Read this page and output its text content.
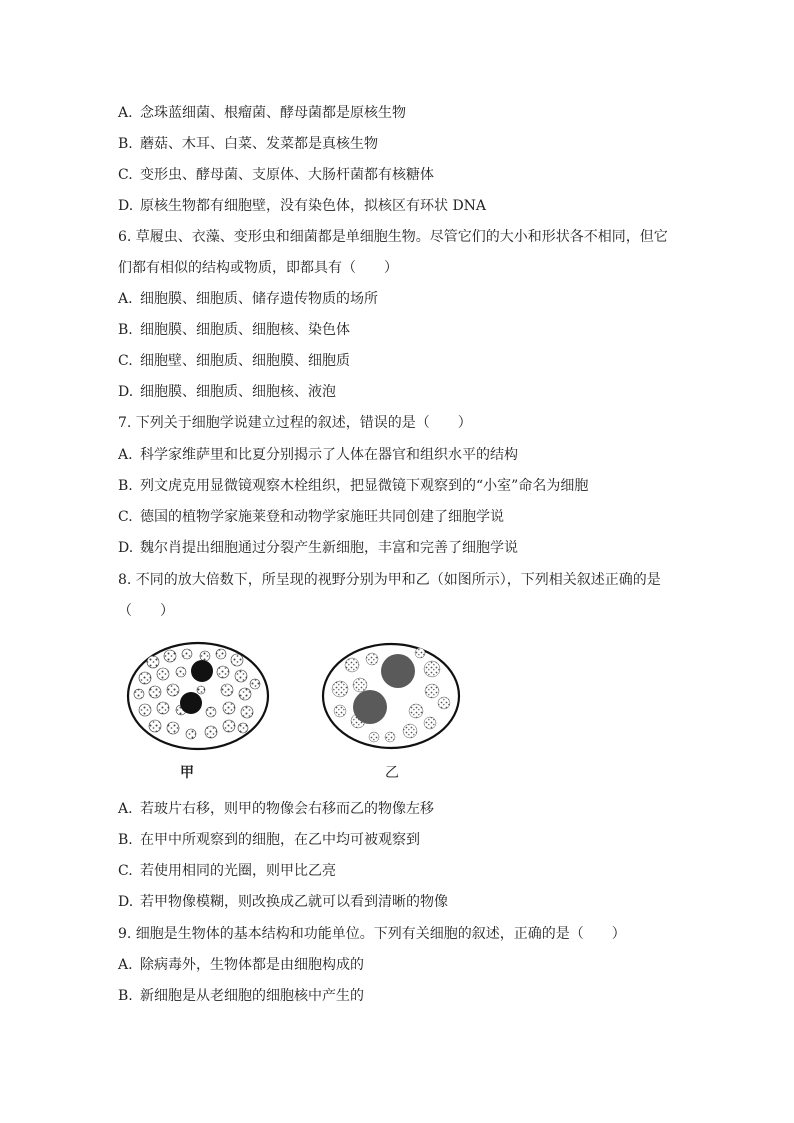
A. 念珠蓝细菌、根瘤菌、酵母菌都是原核生物
B. 蘑菇、木耳、白菜、发菜都是真核生物
C. 变形虫、酵母菌、支原体、大肠杆菌都有核糖体
D. 原核生物都有细胞壁，没有染色体，拟核区有环状 DNA
6. 草履虫、衣藻、变形虫和细菌都是单细胞生物。尽管它们的大小和形状各不相同，但它
们都有相似的结构或物质，即都具有（　　）
A. 细胞膜、细胞质、储存遗传物质的场所
B. 细胞膜、细胞质、细胞核、染色体
C. 细胞壁、细胞质、细胞膜、细胞质
D. 细胞膜、细胞质、细胞核、液泡
7. 下列关于细胞学说建立过程的叙述，错误的是（　　）
A. 科学家维萨里和比夏分别揭示了人体在器官和组织水平的结构
B. 列文虎克用显微镜观察木栓组织，把显微镜下观察到的“小室”命名为细胞
C. 德国的植物学家施莱登和动物学家施旺共同创建了细胞学说
D. 魏尔肖提出细胞通过分裂产生新细胞，丰富和完善了细胞学说
8. 不同的放大倍数下，所呈现的视野分别为甲和乙（如图所示），下列相关叙述正确的是
（　　）
甲	乙
A. 若玻片右移，则甲的物像会右移而乙的物像左移
B. 在甲中所观察到的细胞，在乙中均可被观察到
C. 若使用相同的光圈，则甲比乙亮
D. 若甲物像模糊，则改换成乙就可以看到清晰的物像
9. 细胞是生物体的基本结构和功能单位。下列有关细胞的叙述，正确的是（　　）
A. 除病毒外，生物体都是由细胞构成的
B. 新细胞是从老细胞的细胞核中产生的
